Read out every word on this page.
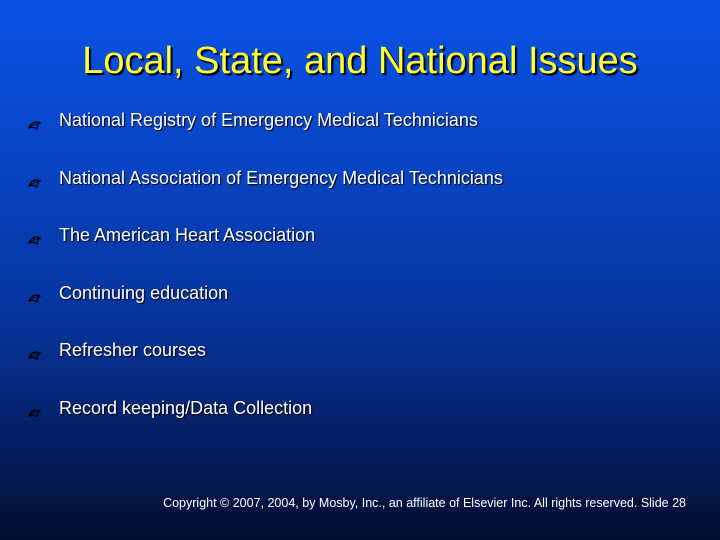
Local, State, and National Issues
National Registry of Emergency Medical Technicians
National Association of Emergency Medical Technicians
The American Heart Association
Continuing education
Refresher courses
Record keeping/Data Collection
Copyright © 2007, 2004, by Mosby, Inc., an affiliate of Elsevier Inc. All rights reserved. Slide 28
